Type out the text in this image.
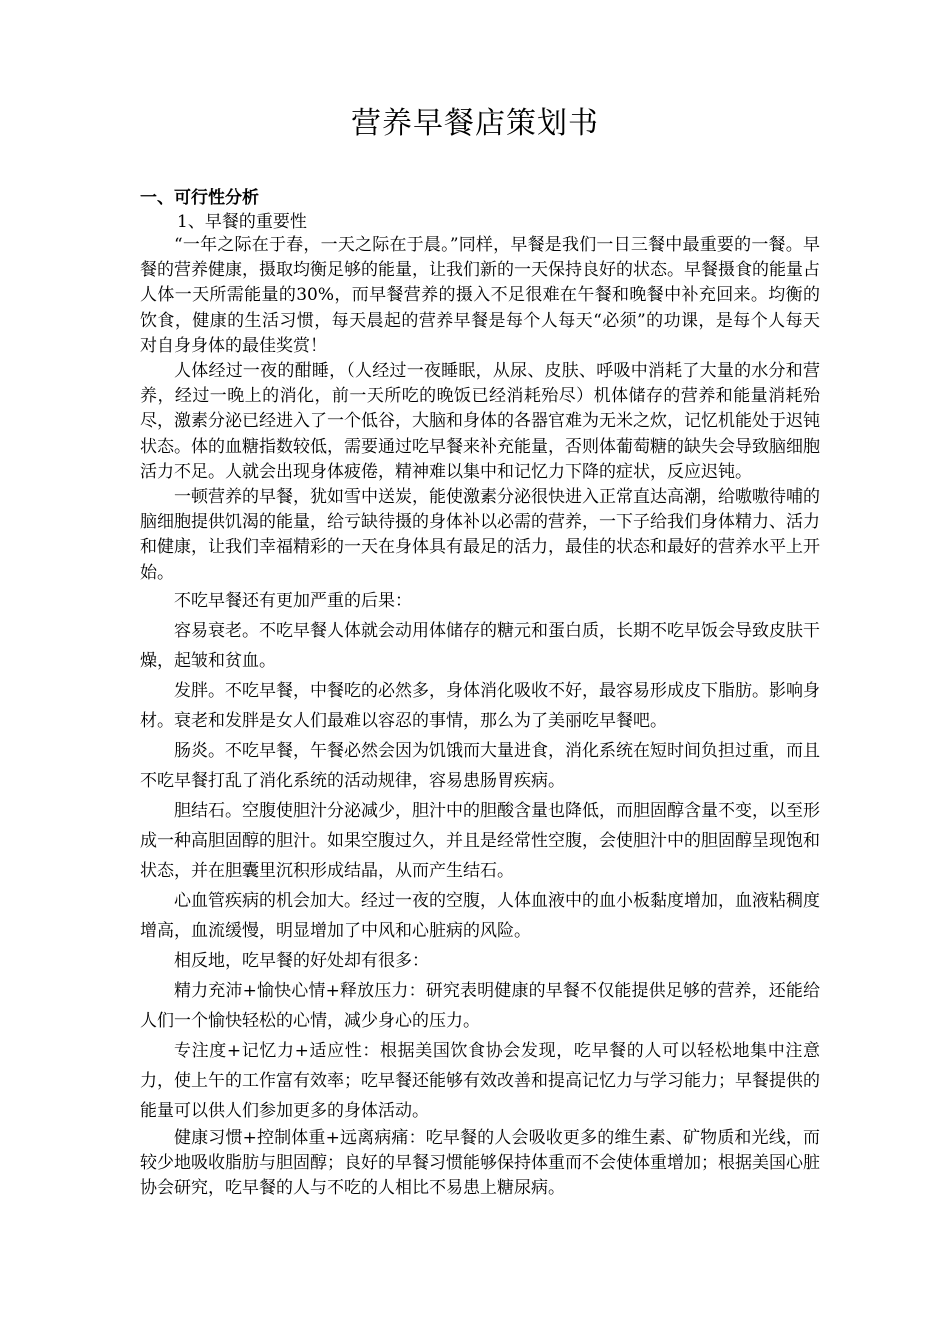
营养早餐店策划书
一、可行性分析
1、早餐的重要性

“一年之际在于春，一天之际在于晨。”同样，早餐是我们一日三餐中最重要的一餐。早餐的营养健康，摄取均衡足够的能量，让我们新的一天保持良好的状态。早餐摄食的能量占人体一天所需能量的30%，而早餐营养的摄入不足很难在午餐和晚餐中补充回来。均衡的饮食，健康的生活习惯，每天晨起的营养早餐是每个人每天“必须”的功课，是每个人每天对自身身体的最佳奖赏！

人体经过一夜的酣睡，（人经过一夜睡眠，从尿、皮肤、呼吸中消耗了大量的水分和营养，经过一晚上的消化，前一天所吃的晚饭已经消耗殆尽）机体储存的营养和能量消耗殆尽，激素分泌已经进入了一个低谷，大脑和身体的各器官难为无米之炊，记忆机能处于迟钝状态。体的血糖指数较低，需要通过吃早餐来补充能量，否则体葡萄糖的缺失会导致脑细胞活力不足。人就会出现身体疲倦，精神难以集中和记忆力下降的症状，反应迟钝。

一顿营养的早餐，犹如雪中送炭，能使激素分泌很快进入正常直达高潮，给嗷嗷待哺的脑细胞提供饥渴的能量，给亏缺待摄的身体补以必需的营养，一下子给我们身体精力、活力和健康，让我们幸福精彩的一天在身体具有最足的活力，最佳的状态和最好的营养水平上开始。

不吃早餐还有更加严重的后果：

容易衰老。不吃早餐人体就会动用体储存的糖元和蛋白质，长期不吃早饭会导致皮肤干燥，起皱和贫血。

发胖。不吃早餐，中餐吃的必然多，身体消化吸收不好，最容易形成皮下脂肪。影响身材。衰老和发胖是女人们最难以容忍的事情，那么为了美丽吃早餐吧。

肠炎。不吃早餐，午餐必然会因为饥饿而大量进食，消化系统在短时间负担过重，而且不吃早餐打乱了消化系统的活动规律，容易患肠胃疾病。

胆结石。空腹使胆汁分泌减少，胆汁中的胆酸含量也降低，而胆固醇含量不变，以至形成一种高胆固醇的胆汁。如果空腹过久，并且是经常性空腹，会使胆汁中的胆固醇呈现饱和状态，并在胆囊里沉积形成结晶，从而产生结石。

心血管疾病的机会加大。经过一夜的空腹，人体血液中的血小板黏度增加，血液粘稠度增高，血流缓慢，明显增加了中风和心脏病的风险。

相反地，吃早餐的好处却有很多：

精力充沛+愉快心情+释放压力：研究表明健康的早餐不仅能提供足够的营养，还能给人们一个愉快轻松的心情，减少身心的压力。

专注度+记忆力+适应性：根据美国饮食协会发现，吃早餐的人可以轻松地集中注意力，使上午的工作富有效率；吃早餐还能够有效改善和提高记忆力与学习能力；早餐提供的能量可以供人们参加更多的身体活动。

健康习惯+控制体重+远离病痛：吃早餐的人会吸收更多的维生素、矿物质和光线，而较少地吸收脂肪与胆固醇；良好的早餐习惯能够保持体重而不会使体重增加；根据美国心脏协会研究，吃早餐的人与不吃的人相比不易患上糖尿病。
